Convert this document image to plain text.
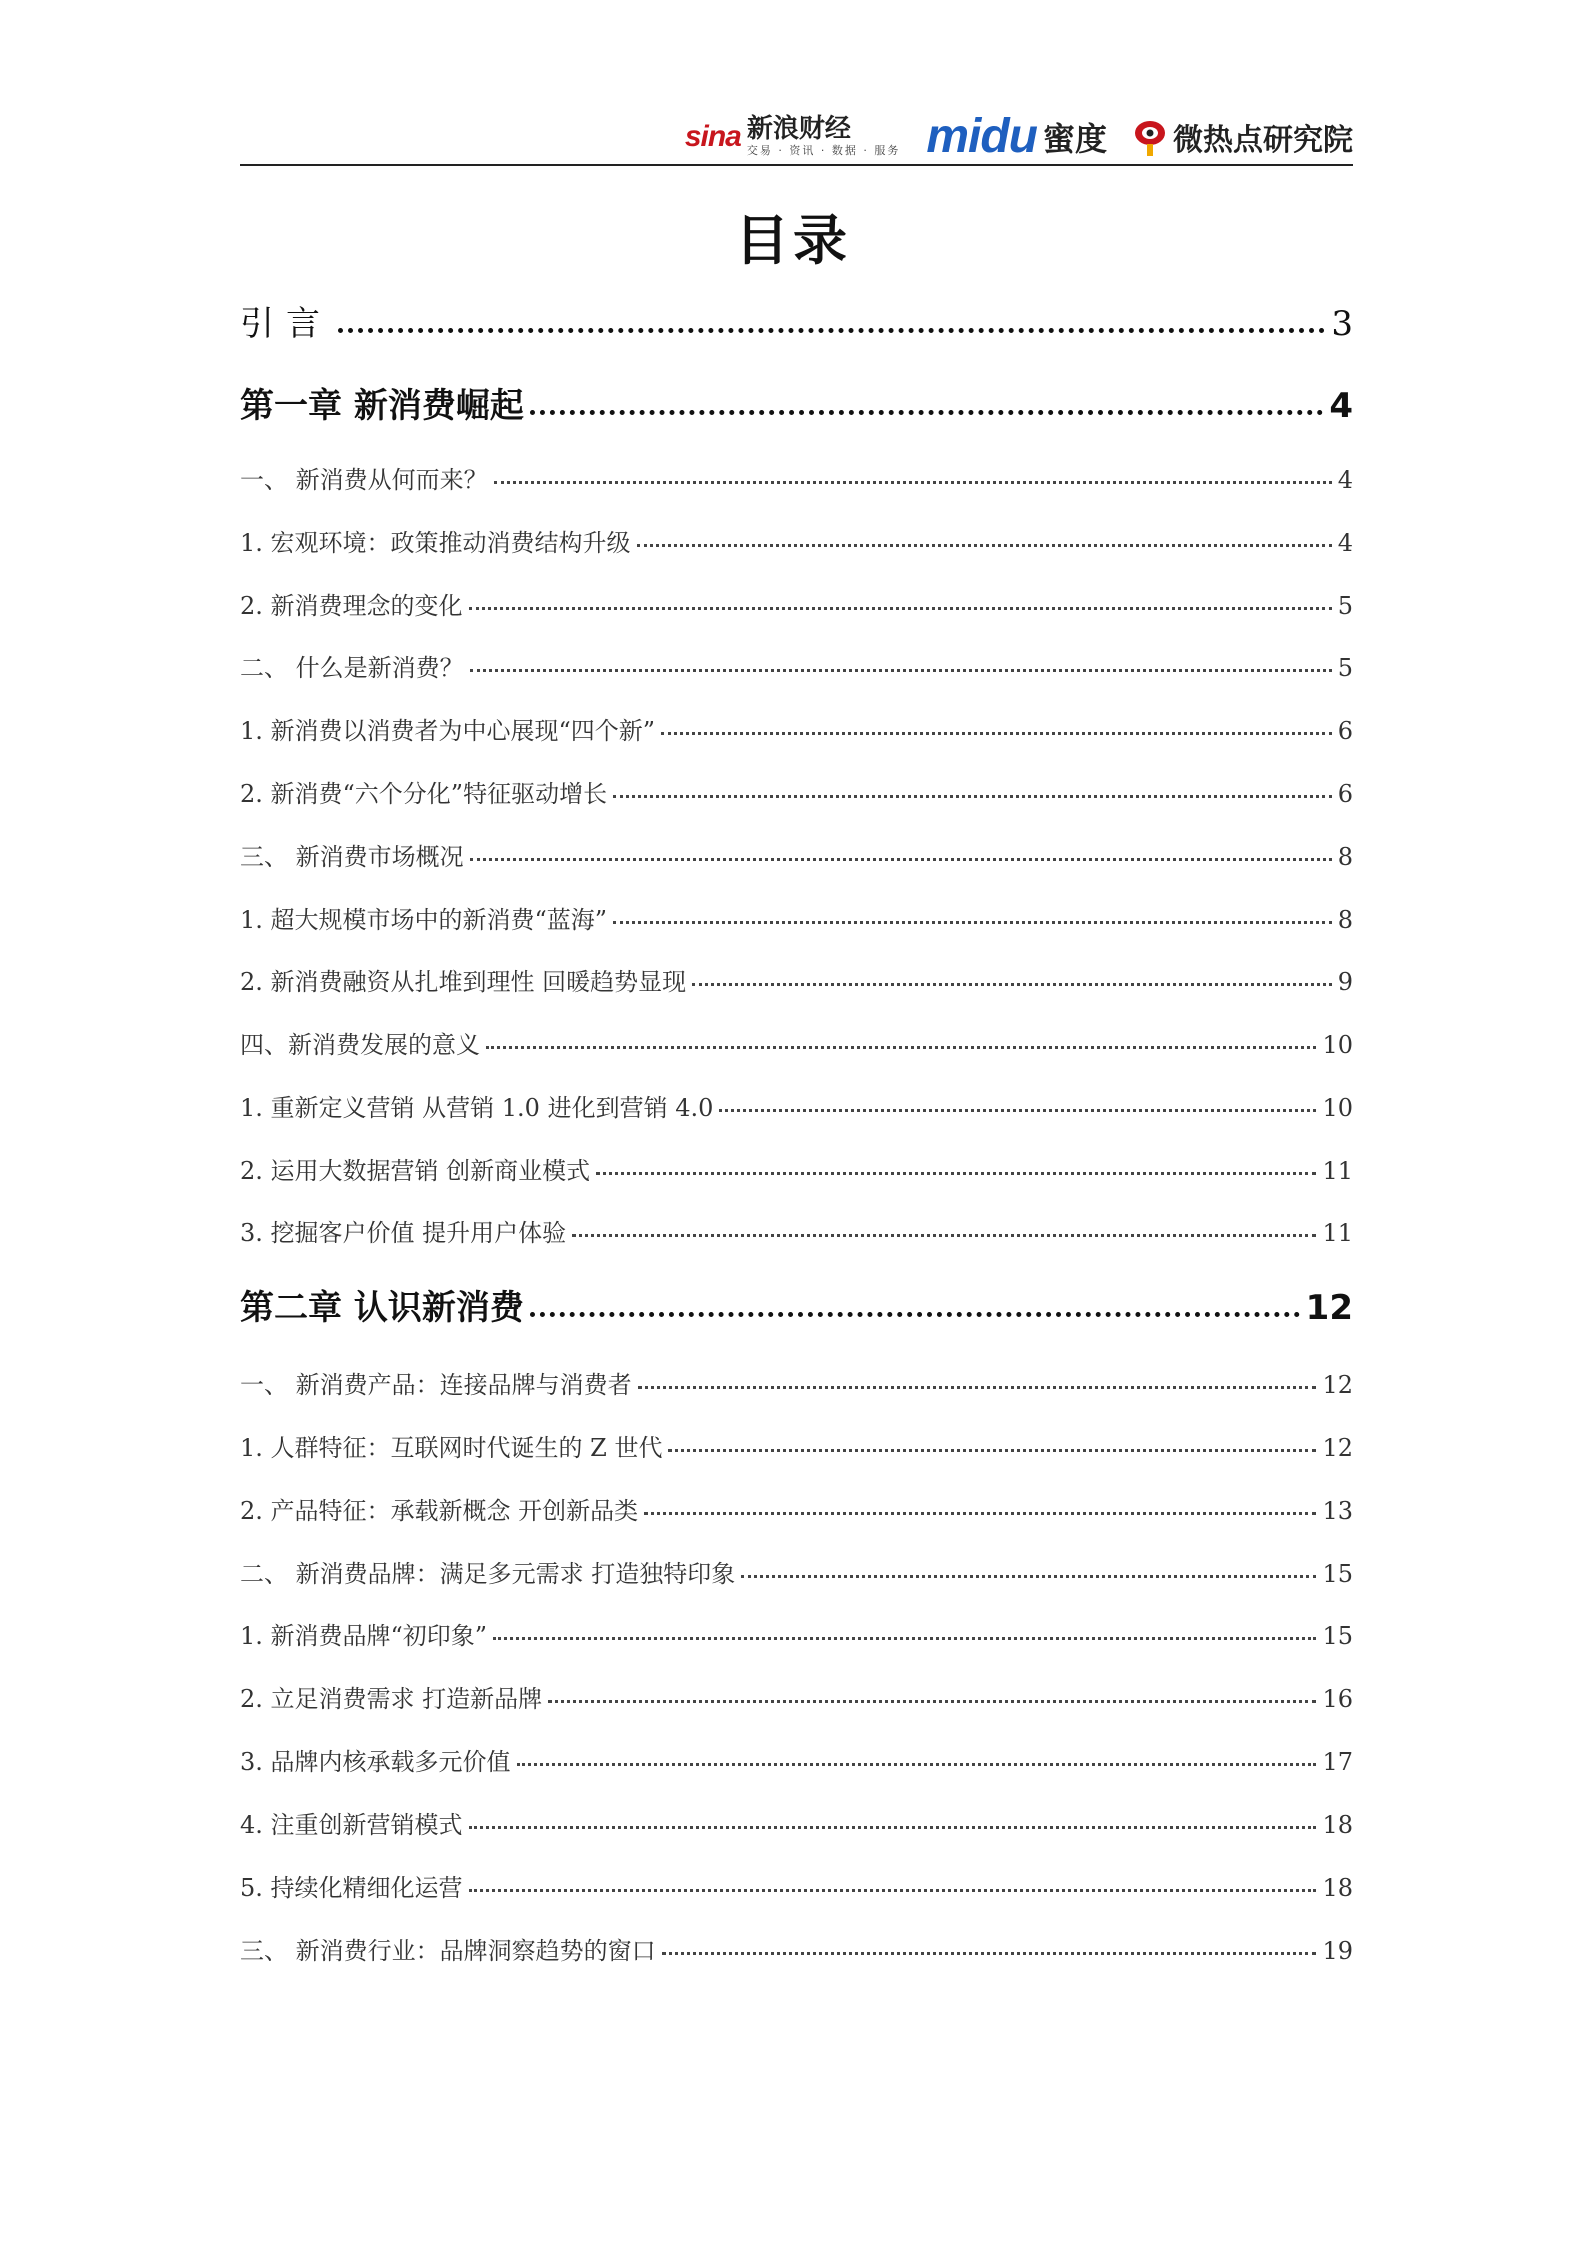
sina 新浪财经
交易 · 资讯 · 数据 · 服务 midu 蜜度 微热点研究院
目录
引言	3
第一章 新消费崛起	4
一、 新消费从何而来？	4
1. 宏观环境：政策推动消费结构升级	4
2. 新消费理念的变化	5
二、 什么是新消费？	5
1. 新消费以消费者为中心展现“四个新”	6
2. 新消费“六个分化”特征驱动增长	6
三、 新消费市场概况	8
1. 超大规模市场中的新消费“蓝海”	8
2. 新消费融资从扎堆到理性 回暖趋势显现	9
四、新消费发展的意义	10
1. 重新定义营销 从营销 1.0 进化到营销 4.0	10
2. 运用大数据营销 创新商业模式	11
3. 挖掘客户价值 提升用户体验	11
第二章 认识新消费	12
一、 新消费产品：连接品牌与消费者	12
1. 人群特征：互联网时代诞生的 Z 世代	12
2. 产品特征：承载新概念 开创新品类	13
二、 新消费品牌：满足多元需求 打造独特印象	15
1. 新消费品牌“初印象”	15
2. 立足消费需求 打造新品牌	16
3. 品牌内核承载多元价值	17
4. 注重创新营销模式	18
5. 持续化精细化运营	18
三、 新消费行业：品牌洞察趋势的窗口	19
